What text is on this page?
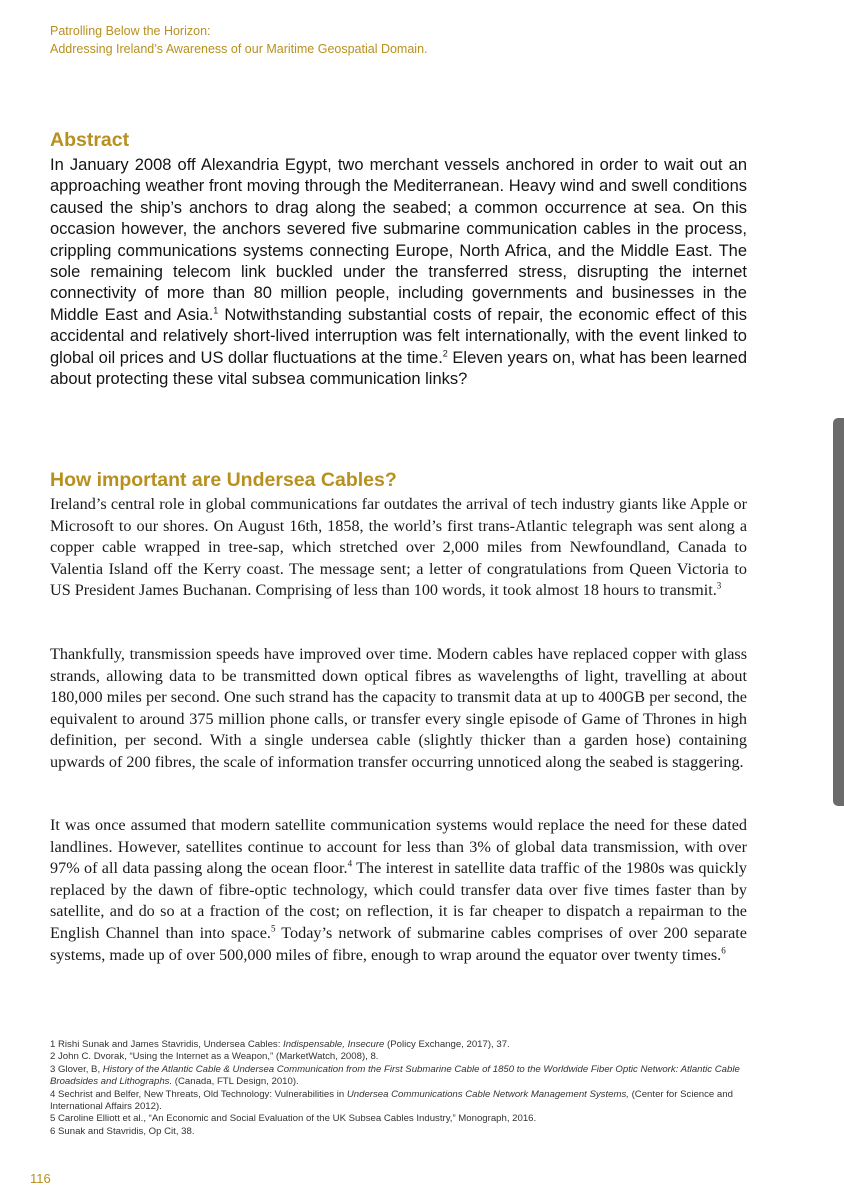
Patrolling Below the Horizon:
Addressing Ireland’s Awareness of our Maritime Geospatial Domain.
Abstract

In January 2008 off Alexandria Egypt, two merchant vessels anchored in order to wait out an approaching weather front moving through the Mediterranean. Heavy wind and swell conditions caused the ship’s anchors to drag along the seabed; a common occurrence at sea. On this occasion however, the anchors severed five submarine communication cables in the process, crippling communications systems connecting Europe, North Africa, and the Middle East. The sole remaining telecom link buckled under the transferred stress, disrupting the internet connectivity of more than 80 million people, including governments and businesses in the Middle East and Asia.$^1$ Notwithstanding substantial costs of repair, the economic effect of this accidental and relatively short-lived interruption was felt internationally, with the event linked to global oil prices and US dollar fluctuations at the time.$^2$ Eleven years on, what has been learned about protecting these vital subsea communication links?

How important are Undersea Cables?

Ireland’s central role in global communications far outdates the arrival of tech industry giants like Apple or Microsoft to our shores. On August 16th, 1858, the world’s first trans-Atlantic telegraph was sent along a copper cable wrapped in tree-sap, which stretched over 2,000 miles from Newfoundland, Canada to Valentia Island off the Kerry coast. The message sent; a letter of congratulations from Queen Victoria to US President James Buchanan. Comprising of less than 100 words, it took almost 18 hours to transmit.$^3$

Thankfully, transmission speeds have improved over time. Modern cables have replaced copper with glass strands, allowing data to be transmitted down optical fibres as wavelengths of light, travelling at about 180,000 miles per second. One such strand has the capacity to transmit data at up to 400GB per second, the equivalent to around 375 million phone calls, or transfer every single episode of Game of Thrones in high definition, per second. With a single undersea cable (slightly thicker than a garden hose) containing upwards of 200 fibres, the scale of information transfer occurring unnoticed along the seabed is staggering.

It was once assumed that modern satellite communication systems would replace the need for these dated landlines. However, satellites continue to account for less than 3% of global data transmission, with over 97% of all data passing along the ocean floor.$^4$ The interest in satellite data traffic of the 1980s was quickly replaced by the dawn of fibre-optic technology, which could transfer data over five times faster than by satellite, and do so at a fraction of the cost; on reflection, it is far cheaper to dispatch a repairman to the English Channel than into space.$^5$ Today’s network of submarine cables comprises of over 200 separate systems, made up of over 500,000 miles of fibre, enough to wrap around the equator over twenty times.$^6$

1 Rishi Sunak and James Stavridis, Undersea Cables: Indispensable, Insecure (Policy Exchange, 2017), 37.

2 John C. Dvorak, “Using the Internet as a Weapon,” (MarketWatch, 2008), 8.

3 Glover, B, History of the Atlantic Cable & Undersea Communication from the First Submarine Cable of 1850 to the Worldwide Fiber Optic Network: Atlantic Cable Broadsides and Lithographs. (Canada, FTL Design, 2010).

4 Sechrist and Belfer, New Threats, Old Technology: Vulnerabilities in Undersea Communications Cable Network Management Systems, (Center for Science and International Affairs 2012).

5 Caroline Elliott et al., “An Economic and Social Evaluation of the UK Subsea Cables Industry,” Monograph, 2016.

6 Sunak and Stavridis, Op Cit, 38.

116
